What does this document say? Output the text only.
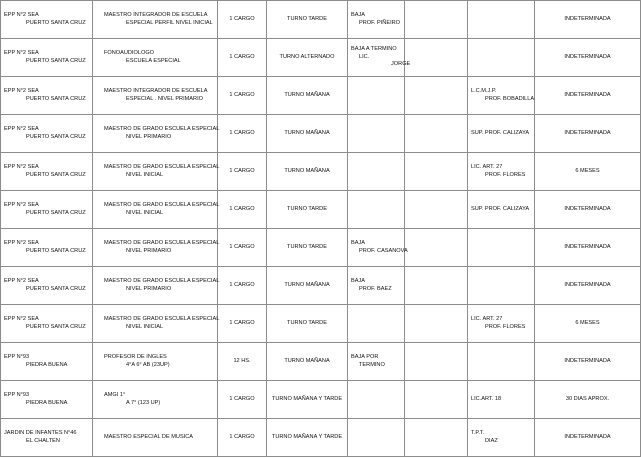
EPP N°2 SEA
PUERTO SANTA CRUZ	MAESTRO INTEGRADOR DE ESCUELA
ESPECIAL PERFIL NIVEL INICIAL	1 CARGO	TURNO TARDE	BAJA
PROF. PIÑEIRO			INDETERMINADA

EPP N°2 SEA
PUERTO SANTA CRUZ	FONOAUDIOLOGO
ESCUELA ESPECIAL	1 CARGO	TURNO ALTERNADO	BAJA A TERMINO
LIC.
JORGE			INDETERMINADA

EPP N°2 SEA
PUERTO SANTA CRUZ	MAESTRO INTEGRADOR DE ESCUELA
ESPECIAL . NIVEL PRIMARIO	1 CARGO	TURNO MAÑANA			L.C.M.J.P.
PROF. BOBADILLA	INDETERMINADA

EPP N°2 SEA
PUERTO SANTA CRUZ	MAESTRO DE GRADO ESCUELA ESPECIAL
NIVEL PRIMARIO	1 CARGO	TURNO MAÑANA			SUP. PROF. CALIZAYA	INDETERMINADA

EPP N°2 SEA
PUERTO SANTA CRUZ	MAESTRO DE GRADO ESCUELA ESPECIAL
NIVEL INICIAL	1 CARGO	TURNO MAÑANA			LIC. ART. 27
PROF. FLORES	6 MESES

EPP N°2 SEA
PUERTO SANTA CRUZ	MAESTRO DE GRADO ESCUELA ESPECIAL
NIVEL INICIAL	1 CARGO	TURNO TARDE			SUP. PROF. CALIZAYA	INDETERMINADA

EPP N°2 SEA
PUERTO SANTA CRUZ	MAESTRO DE GRADO ESCUELA ESPECIAL
NIVEL PRIMARIO	1 CARGO	TURNO TARDE	BAJA
PROF. CASANOVA			INDETERMINADA

EPP N°2 SEA
PUERTO SANTA CRUZ	MAESTRO DE GRADO ESCUELA ESPECIAL
NIVEL PRIMARIO	1 CARGO	TURNO MAÑANA	BAJA
PROF. BAEZ			INDETERMINADA

EPP N°2 SEA
PUERTO SANTA CRUZ	MAESTRO DE GRADO ESCUELA ESPECIAL
NIVEL INICIAL	1 CARGO	TURNO TARDE			LIC. ART. 27
PROF. FLORES	6 MESES

EPP N°93
PIEDRA BUENA	PROFESOR DE INGLES
4°A 6° AB (23UP)	12 HS.	TURNO MAÑANA	BAJA POR
TERMINO			INDETERMINADA

EPP N°93
PIEDRA BUENA	AMGI 1°
A 7° (123 UP)	1 CARGO	TURNO MAÑANA Y TARDE			LIC.ART. 18	30 DIAS APROX.

JARDIN DE INFANTES N°46
EL CHALTEN	MAESTRO ESPECIAL DE MUSICA	1 CARGO	TURNO MAÑANA Y TARDE			T.P.T.
DIAZ	INDETERMINADA
